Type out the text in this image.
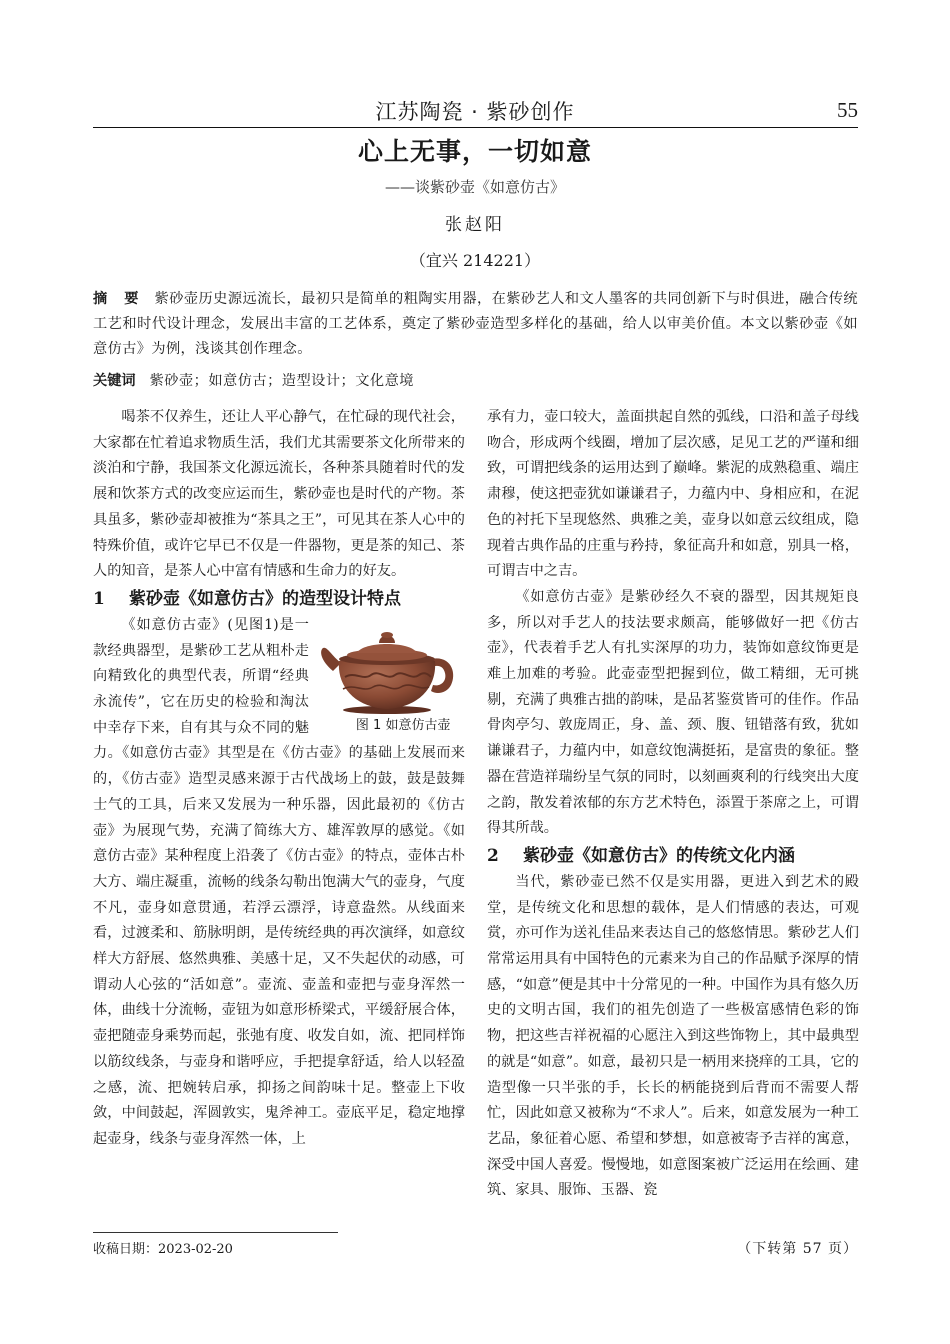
江苏陶瓷 · 紫砂创作	55
心上无事，一切如意
——谈紫砂壶《如意仿古》
张赵阳
（宜兴 214221）
摘 要 紫砂壶历史源远流长，最初只是简单的粗陶实用器，在紫砂艺人和文人墨客的共同创新下与时俱进，融合传统工艺和时代设计理念，发展出丰富的工艺体系，奠定了紫砂壶造型多样化的基础，给人以审美价值。本文以紫砂壶《如意仿古》为例，浅谈其创作理念。
关键词 紫砂壶；如意仿古；造型设计；文化意境

喝茶不仅养生，还让人平心静气，在忙碌的现代社会，大家都在忙着追求物质生活，我们尤其需要茶文化所带来的淡泊和宁静，我国茶文化源远流长，各种茶具随着时代的发展和饮茶方式的改变应运而生，紫砂壶也是时代的产物。茶具虽多，紫砂壶却被推为“茶具之王”，可见其在茶人心中的特殊价值，或许它早已不仅是一件器物，更是茶的知己、茶人的知音，是茶人心中富有情感和生命力的好友。

1 紫砂壶《如意仿古》的造型设计特点

图 1 如意仿古壶
《如意仿古壶》(见图1)是一款经典器型，是紫砂工艺从粗朴走向精致化的典型代表，所谓“经典永流传”，它在历史的检验和淘汰中幸存下来，自有其与众不同的魅力。《如意仿古壶》其型是在《仿古壶》的基础上发展而来的，《仿古壶》造型灵感来源于古代战场上的鼓，鼓是鼓舞士气的工具，后来又发展为一种乐器，因此最初的《仿古壶》为展现气势，充满了简练大方、雄浑敦厚的感觉。《如意仿古壶》某种程度上沿袭了《仿古壶》的特点，壶体古朴大方、端庄凝重，流畅的线条勾勒出饱满大气的壶身，气度不凡，壶身如意贯通，若浮云漂浮，诗意盎然。从线面来看，过渡柔和、筋脉明朗，是传统经典的再次演绎，如意纹样大方舒展、悠然典雅、美感十足，又不失起伏的动感，可谓动人心弦的“活如意”。壶流、壶盖和壶把与壶身浑然一体，曲线十分流畅，壶钮为如意形桥梁式，平缓舒展合体，壶把随壶身乘势而起，张弛有度、收发自如，流、把同样饰以筋纹线条，与壶身和谐呼应，手把提拿舒适，给人以轻盈之感，流、把婉转启承，抑扬之间韵味十足。整壶上下收敛，中间鼓起，浑圆敦实，鬼斧神工。壶底平足，稳定地撑起壶身，线条与壶身浑然一体，上

承有力，壶口较大，盖面拱起自然的弧线，口沿和盖子母线吻合，形成两个线圈，增加了层次感，足见工艺的严谨和细致，可谓把线条的运用达到了巅峰。紫泥的成熟稳重、端庄肃穆，使这把壶犹如谦谦君子，力蕴内中、身相应和，在泥色的衬托下呈现悠然、典雅之美，壶身以如意云纹组成，隐现着古典作品的庄重与矜持，象征高升和如意，别具一格，可谓吉中之吉。

《如意仿古壶》是紫砂经久不衰的器型，因其规矩良多，所以对手艺人的技法要求颇高，能够做好一把《仿古壶》，代表着手艺人有扎实深厚的功力，装饰如意纹饰更是难上加难的考验。此壶壶型把握到位，做工精细，无可挑剔，充满了典雅古拙的韵味，是品茗鉴赏皆可的佳作。作品骨肉亭匀、敦庞周正，身、盖、颈、腹、钮错落有致，犹如谦谦君子，力蕴内中，如意纹饱满挺拓，是富贵的象征。整器在营造祥瑞纷呈气氛的同时，以刻画爽利的行线突出大度之韵，散发着浓郁的东方艺术特色，添置于茶席之上，可谓得其所哉。

2 紫砂壶《如意仿古》的传统文化内涵

当代，紫砂壶已然不仅是实用器，更进入到艺术的殿堂，是传统文化和思想的载体，是人们情感的表达，可观赏，亦可作为送礼佳品来表达自己的悠悠情思。紫砂艺人们常常运用具有中国特色的元素来为自己的作品赋予深厚的情感，“如意”便是其中十分常见的一种。中国作为具有悠久历史的文明古国，我们的祖先创造了一些极富感情色彩的饰物，把这些吉祥祝福的心愿注入到这些饰物上，其中最典型的就是“如意”。如意，最初只是一柄用来挠痒的工具，它的造型像一只半张的手，长长的柄能挠到后背而不需要人帮忙，因此如意又被称为“不求人”。后来，如意发展为一种工艺品，象征着心愿、希望和梦想，如意被寄予吉祥的寓意，深受中国人喜爱。慢慢地，如意图案被广泛运用在绘画、建筑、家具、服饰、玉器、瓷

收稿日期：2023-02-20	（下转第 57 页）
